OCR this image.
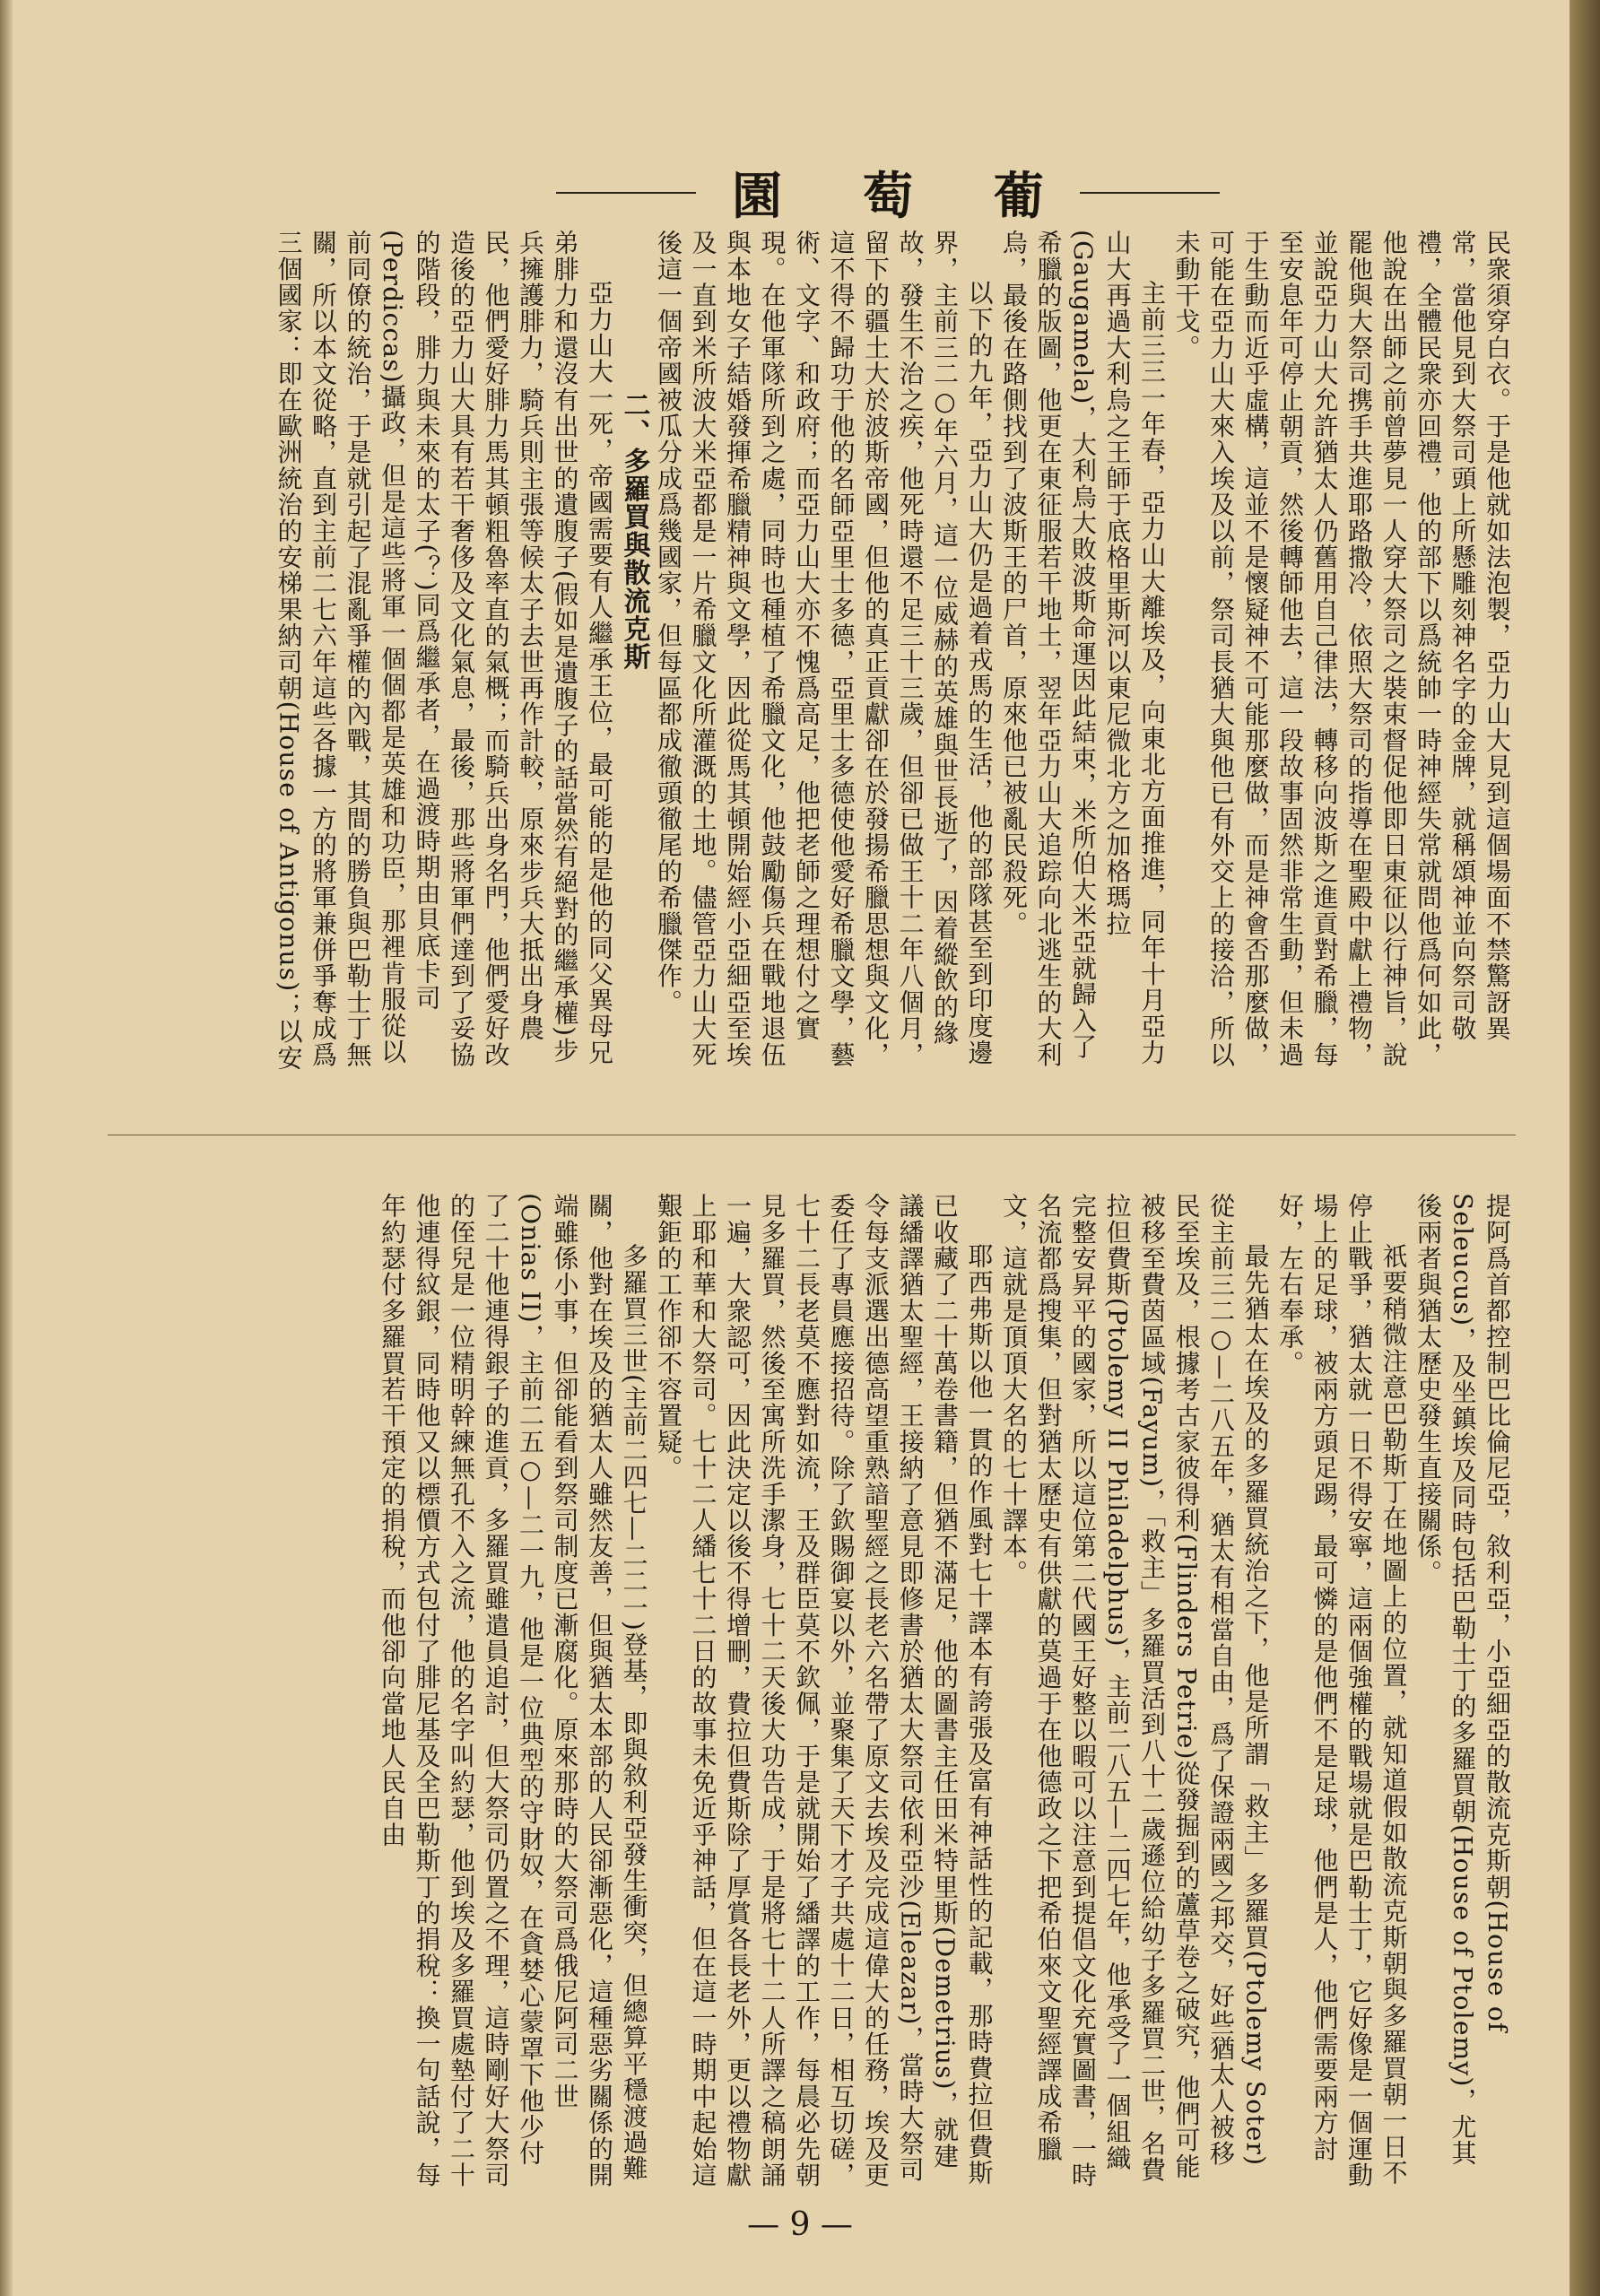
園 萄 葡

民衆須穿白衣。于是他就如法泡製，亞力山大見到這個場面不禁驚訝異常，當他見到大祭司頭上所懸雕刻神名字的金牌，就稱頌神並向祭司敬禮，全體民衆亦回禮，他的部下以爲統帥一時神經失常就問他爲何如此，他說在出師之前曾夢見一人穿大祭司之裝束督促他即日東征以行神旨，說罷他與大祭司携手共進耶路撒冷，依照大祭司的指導在聖殿中獻上禮物，並說亞力山大允許猶太人仍舊用自己律法，轉移向波斯之進貢對希臘，每至安息年可停止朝貢，然後轉師他去，這一段故事固然非常生動，但未過于生動而近乎虛構，這並不是懷疑神不可能那麼做，而是神會否那麼做，可能在亞力山大來入埃及以前，祭司長猶大與他已有外交上的接洽，所以未動干戈。

主前三三一年春，亞力山大離埃及，向東北方面推進，同年十月亞力山大再過大利烏之王師于底格里斯河以東尼微北方之加格瑪拉(Gaugamela)，大利烏大敗波斯命運因此結束，米所伯大米亞就歸入了希臘的版圖，他更在東征服若干地土，翌年亞力山大追踪向北逃生的大利烏，最後在路側找到了波斯王的尸首，原來他已被亂民殺死。

以下的九年，亞力山大仍是過着戎馬的生活，他的部隊甚至到印度邊界，主前三二○年六月，這一位威赫的英雄與世長逝了，因着縱飲的緣故，發生不治之疾，他死時還不足三十三歲，但卻已做王十二年八個月，留下的疆土大於波斯帝國，但他的真正貢獻卻在於發揚希臘思想與文化，這不得不歸功于他的名師亞里士多德，亞里士多德使他愛好希臘文學，藝術、文字、和政府；而亞力山大亦不愧爲高足，他把老師之理想付之實現。在他軍隊所到之處，同時也種植了希臘文化，他鼓勵傷兵在戰地退伍與本地女子結婚發揮希臘精神與文學，因此從馬其頓開始經小亞細亞至埃及一直到米所波大米亞都是一片希臘文化所灌溉的土地。儘管亞力山大死後這一個帝國被瓜分成爲幾國家，但每區都成徹頭徹尾的希臘傑作。

二、多羅買與散流克斯

亞力山大一死，帝國需要有人繼承王位，最可能的是他的同父異母兄弟腓力和還沒有出世的遺腹子(假如是遺腹子的話當然有絕對的繼承權)步兵擁護腓力，騎兵則主張等候太子去世再作計較，原來步兵大抵出身農民，他們愛好腓力馬其頓粗魯率直的氣概；而騎兵出身名門，他們愛好改造後的亞力山大具有若干奢侈及文化氣息，最後，那些將軍們達到了妥協的階段，腓力與未來的太子(？)同爲繼承者，在過渡時期由貝底卡司(Perdiccas)攝政，但是這些將軍一個個都是英雄和功臣，那裡肯服從以前同僚的統治，于是就引起了混亂爭權的內戰，其間的勝負與巴勒士丁無關，所以本文從略，直到主前二七六年這些各據一方的將軍兼併爭奪成爲三個國家：即在歐洲統治的安梯果納司朝(House of Antigonus)；以安

提阿爲首都控制巴比倫尼亞，敘利亞，小亞細亞的散流克斯朝(House of Seleucus)，及坐鎮埃及同時包括巴勒士丁的多羅買朝(House of Ptolemy)，尤其後兩者與猶太歷史發生直接關係。

祇要稍微注意巴勒斯丁在地圖上的位置，就知道假如散流克斯朝與多羅買朝一日不停止戰爭，猶太就一日不得安寧，這兩個強權的戰場就是巴勒士丁，它好像是一個運動場上的足球，被兩方頭足踢，最可憐的是他們不是足球，他們是人，他們需要兩方討好，左右奉承。

最先猶太在埃及的多羅買統治之下，他是所謂「救主」多羅買(Ptolemy Soter)從主前三二○—二八五年，猶太有相當自由，爲了保證兩國之邦交，好些猶太人被移民至埃及，根據考古家彼得利(Flinders Petrie)從發掘到的蘆草卷之破究，他們可能被移至費茵區域(Fayum)，「救主」多羅買活到八十二歲遜位給幼子多羅買二世，名費拉但費斯(Ptolemy II Philadelphus)，主前二八五—二四七年，他承受了一個組織完整安昇平的國家，所以這位第二代國王好整以暇可以注意到提倡文化充實圖書，一時名流都爲搜集，但對猶太歷史有供獻的莫過于在他德政之下把希伯來文聖經譯成希臘文，這就是頂頂大名的七十譯本。

耶西弗斯以他一貫的作風對七十譯本有誇張及富有神話性的記載，那時費拉但費斯已收藏了二十萬卷書籍，但猶不滿足，他的圖書主任田米特里斯(Demetrius)，就建議繙譯猶太聖經，王接納了意見即修書於猶太大祭司依利亞沙(Eleazar)，當時大祭司令每支派選出德高望重熟諳聖經之長老六名帶了原文去埃及完成這偉大的任務，埃及更委任了專員應接招待。除了欽賜御宴以外，並聚集了天下才子共處十二日，相互切磋，七十二長老莫不應對如流，王及群臣莫不欽佩，于是就開始了繙譯的工作，每晨必先朝見多羅買，然後至寓所洗手潔身，七十二天後大功告成，于是將七十二人所譯之稿朗誦一遍，大衆認可，因此決定以後不得增刪，費拉但費斯除了厚賞各長老外，更以禮物獻上耶和華和大祭司。七十二人繙七十二日的故事未免近乎神話，但在這一時期中起始這艱鉅的工作卻不容置疑。

多羅買三世(主前二四七—二二一)登基，即與敘利亞發生衝突，但總算平穩渡過難關，他對在埃及的猶太人雖然友善，但與猶太本部的人民卻漸惡化，這種惡劣關係的開端雖係小事，但卻能看到祭司制度已漸腐化。原來那時的大祭司爲俄尼阿司二世(Onias II)，主前二五○—二一九，他是一位典型的守財奴，在貪婪心蒙罩下他少付了二十他連得銀子的進貢，多羅買雖遣員追討，但大祭司仍置之不理，這時剛好大祭司的侄兒是一位精明幹練無孔不入之流，他的名字叫約瑟，他到埃及多羅買處墊付了二十他連得紋銀，同時他又以標價方式包付了腓尼基及全巴勒斯丁的捐稅：換一句話說，每年約瑟付多羅買若干預定的捐稅，而他卻向當地人民自由

— 9 —
